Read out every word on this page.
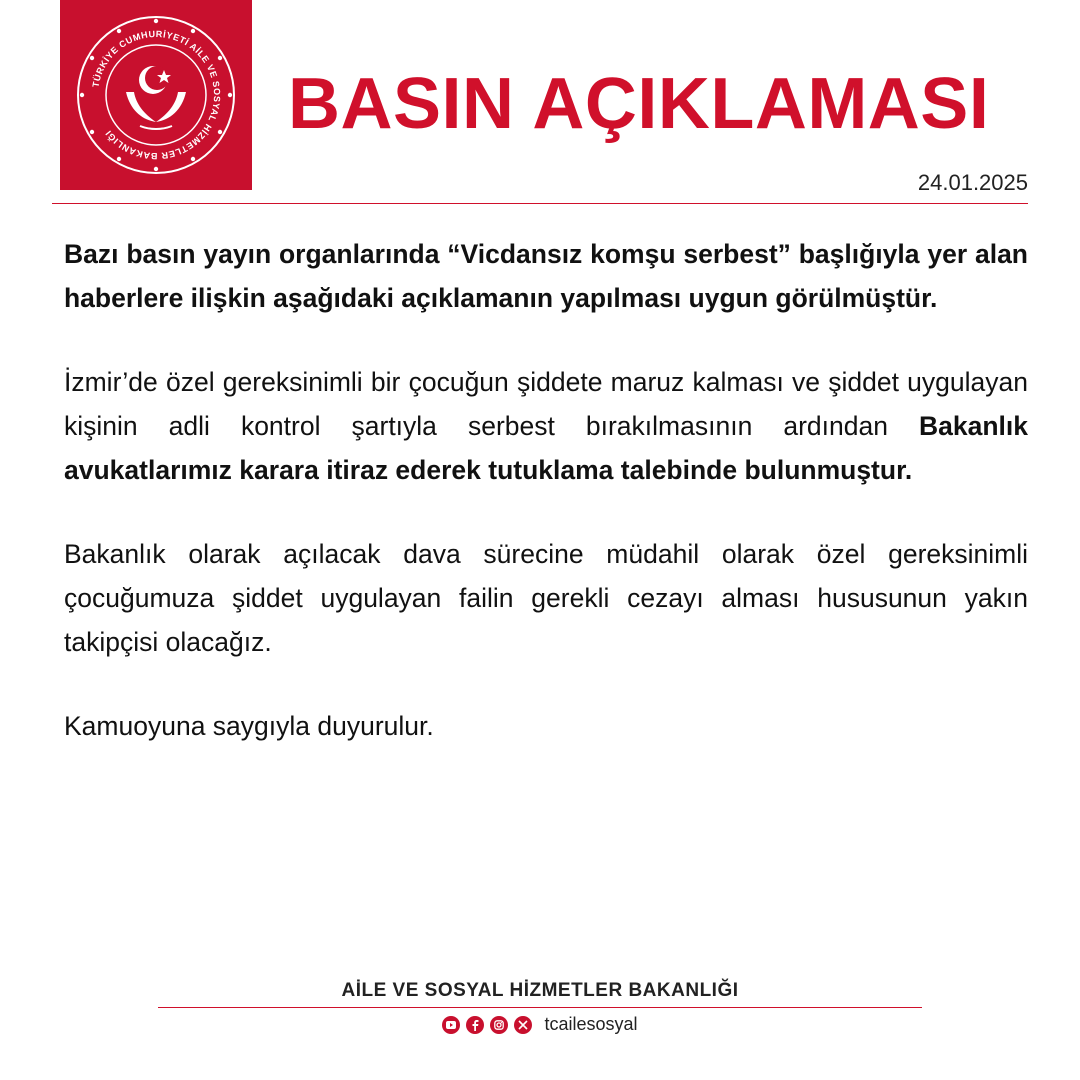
TÜRKİYE CUMHURİYETİ AİLE VE SOSYAL HİZMETLER BAKANLIĞI	BASIN AÇIKLAMASI
24.01.2025

Bazı basın yayın organlarında “Vicdansız komşu serbest” başlığıyla yer alan haberlere ilişkin aşağıdaki açıklamanın yapılması uygun görülmüştür.

İzmir’de özel gereksinimli bir çocuğun şiddete maruz kalması ve şiddet uygulayan kişinin adli kontrol şartıyla serbest bırakılmasının ardından Bakanlık avukatlarımız karara itiraz ederek tutuklama talebinde bulunmuştur.

Bakanlık olarak açılacak dava sürecine müdahil olarak özel gereksinimli çocuğumuza şiddet uygulayan failin gerekli cezayı alması hususunun yakın takipçisi olacağız.

Kamuoyuna saygıyla duyurulur.

AİLE VE SOSYAL HİZMETLER BAKANLIĞI
tcailesosyal
